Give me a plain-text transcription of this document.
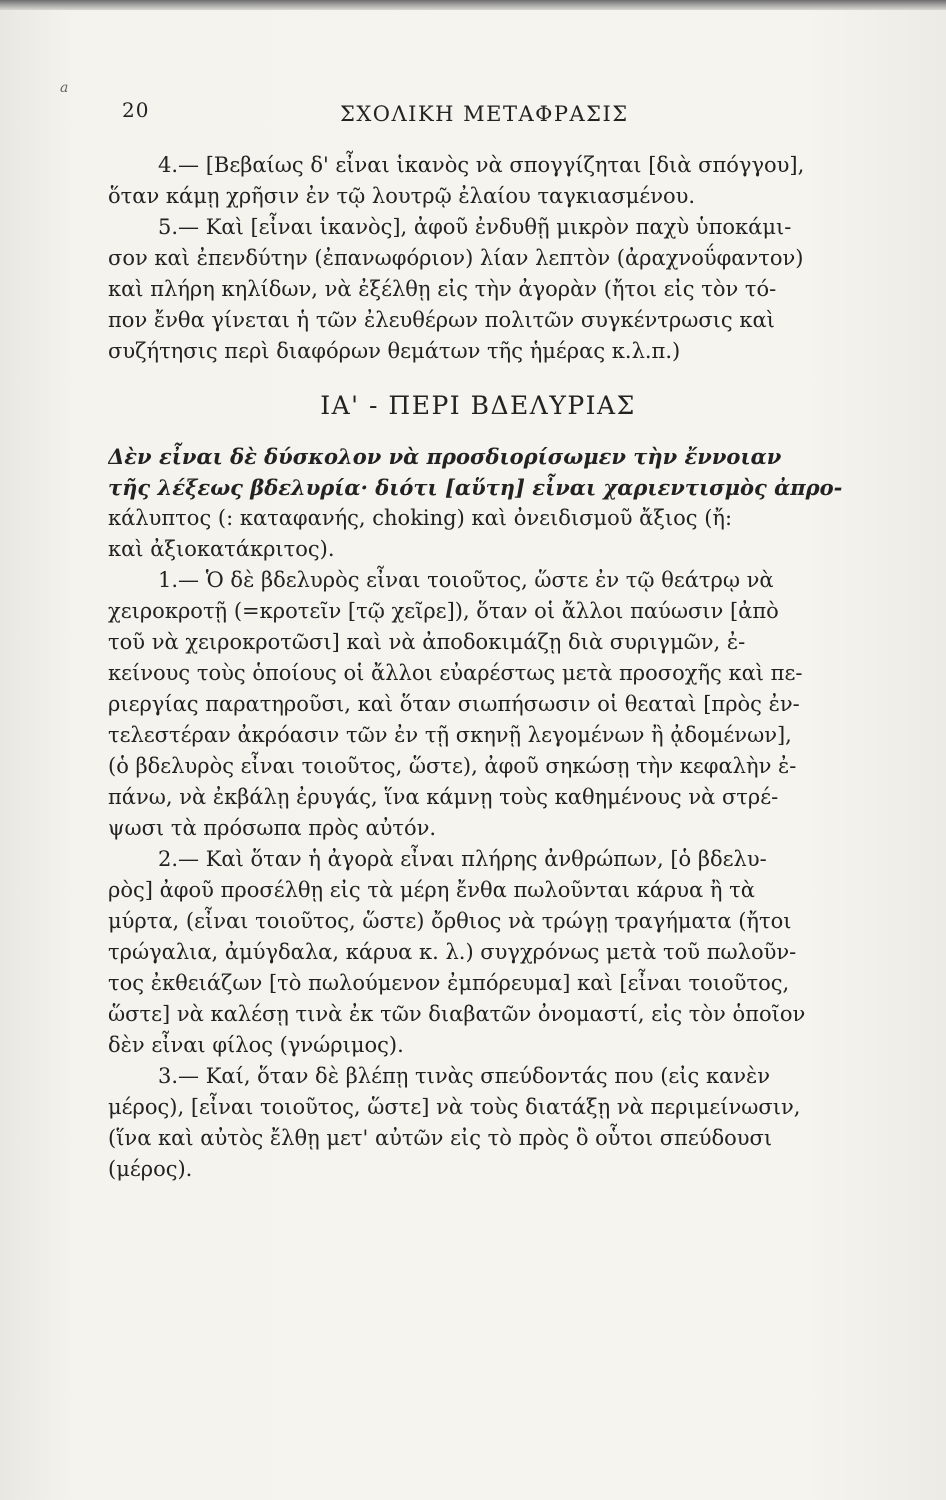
a
20	ΣΧΟΛΙΚΗ ΜΕΤΑΦΡΑΣΙΣ
4.— [Βεβαίως δ' εἶναι ἱκανὸς νὰ σπογγίζηται [διὰ σπόγγου],
ὅταν κάμῃ χρῆσιν ἐν τῷ λουτρῷ ἐλαίου ταγκιασμένου.
5.— Καὶ [εἶναι ἱκανὸς], ἀφοῦ ἐνδυθῇ μικρὸν παχὺ ὑποκάμι-
σον καὶ ἐπενδύτην (ἐπανωφόριον) λίαν λεπτὸν (ἀραχνοΰφαντον)
καὶ πλήρη κηλίδων, νὰ ἐξέλθῃ εἰς τὴν ἀγορὰν (ἤτοι εἰς τὸν τό-
πον ἔνθα γίνεται ἡ τῶν ἐλευθέρων πολιτῶν συγκέντρωσις καὶ
συζήτησις περὶ διαφόρων θεμάτων τῆς ἡμέρας κ.λ.π.)
ΙΑ' - ΠΕΡΙ ΒΔΕΛΥΡΙΑΣ
Δὲν εἶναι δὲ δύσκολον νὰ προσδιορίσωμεν τὴν ἔννοιαν
τῆς λέξεως βδελυρία· διότι [αὕτη] εἶναι χαριεντισμὸς ἀπρο-
κάλυπτος (: καταφανής, choking) καὶ ὀνειδισμοῦ ἄξιος (ἤ:
καὶ ἀξιοκατάκριτος).
1.— Ὁ δὲ βδελυρὸς εἶναι τοιοῦτος, ὥστε ἐν τῷ θεάτρῳ νὰ
χειροκροτῇ (=κροτεῖν [τῷ χεῖρε]), ὅταν οἱ ἄλλοι παύωσιν [ἀπὸ
τοῦ νὰ χειροκροτῶσι] καὶ νὰ ἀποδοκιμάζῃ διὰ συριγμῶν, ἐ-
κείνους τοὺς ὁποίους οἱ ἄλλοι εὐαρέστως μετὰ προσοχῆς καὶ πε-
ριεργίας παρατηροῦσι, καὶ ὅταν σιωπήσωσιν οἱ θεαταὶ [πρὸς ἐν-
τελεστέραν ἀκρόασιν τῶν ἐν τῇ σκηνῇ λεγομένων ἢ ᾀδομένων],
(ὁ βδελυρὸς εἶναι τοιοῦτος, ὥστε), ἀφοῦ σηκώσῃ τὴν κεφαλὴν ἐ-
πάνω, νὰ ἐκβάλῃ ἐρυγάς, ἵνα κάμνῃ τοὺς καθημένους νὰ στρέ-
ψωσι τὰ πρόσωπα πρὸς αὐτόν.
2.— Καὶ ὅταν ἡ ἀγορὰ εἶναι πλήρης ἀνθρώπων, [ὁ βδελυ-
ρὸς] ἀφοῦ προσέλθῃ εἰς τὰ μέρη ἔνθα πωλοῦνται κάρυα ἢ τὰ
μύρτα, (εἶναι τοιοῦτος, ὥστε) ὄρθιος νὰ τρώγῃ τραγήματα (ἤτοι
τρώγαλια, ἀμύγδαλα, κάρυα κ. λ.) συγχρόνως μετὰ τοῦ πωλοῦν-
τος ἐκθειάζων [τὸ πωλούμενον ἐμπόρευμα] καὶ [εἶναι τοιοῦτος,
ὥστε] νὰ καλέσῃ τινὰ ἐκ τῶν διαβατῶν ὀνομαστί, εἰς τὸν ὁποῖον
δὲν εἶναι φίλος (γνώριμος).
3.— Καί, ὅταν δὲ βλέπῃ τινὰς σπεύδοντάς που (εἰς κανὲν
μέρος), [εἶναι τοιοῦτος, ὥστε] νὰ τοὺς διατάξῃ νὰ περιμείνωσιν,
(ἵνα καὶ αὐτὸς ἔλθῃ μετ' αὐτῶν εἰς τὸ πρὸς ὃ οὗτοι σπεύδουσι
(μέρος).
